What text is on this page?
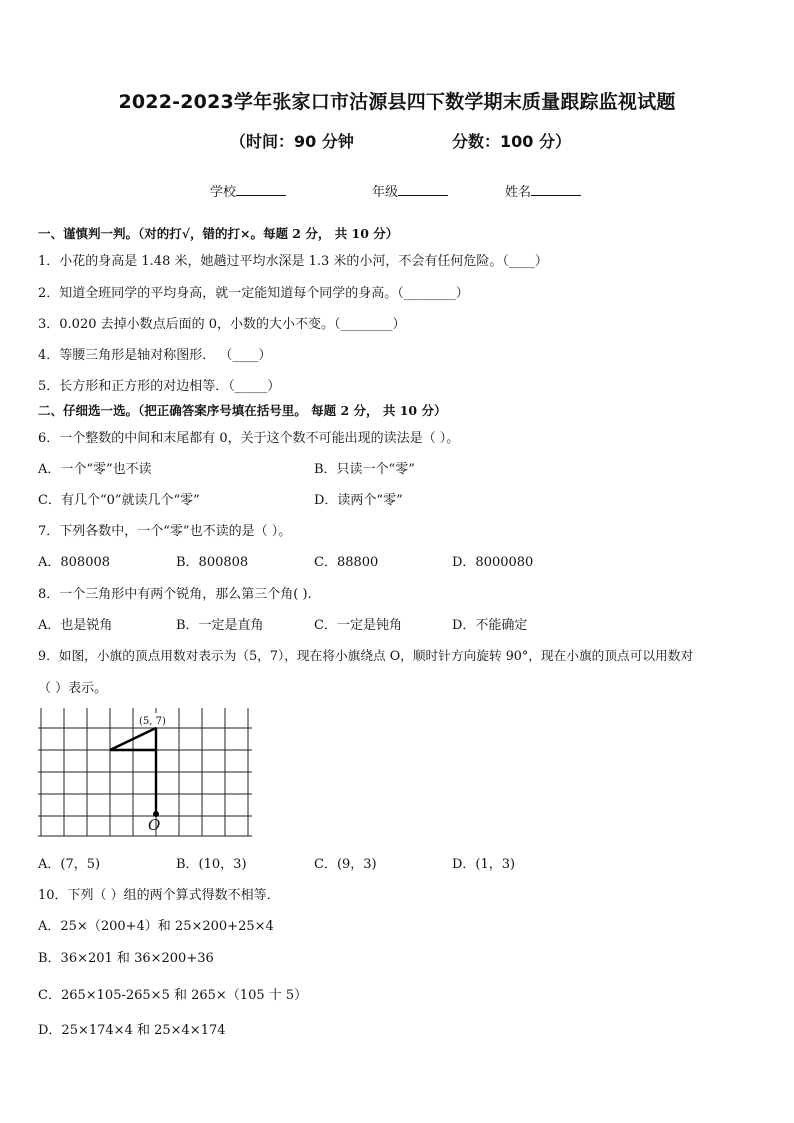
2022-2023学年张家口市沽源县四下数学期末质量跟踪监视试题
（时间：90 分钟	分数：100 分）
学校	年级	姓名
一、谨慎判一判。（对的打√，错的打×。每题 2 分， 共 10 分）
1．小花的身高是 1.48 米，她趟过平均水深是 1.3 米的小河，不会有任何危险。（____）
2．知道全班同学的平均身高，就一定能知道每个同学的身高。（________）
3．0.020 去掉小数点后面的 0，小数的大小不变。（________）
4．等腰三角形是轴对称图形． （____）
5．长方形和正方形的对边相等．（_____）
二、仔细选一选。（把正确答案序号填在括号里。 每题 2 分， 共 10 分）
6．一个整数的中间和末尾都有 0，关于这个数不可能出现的读法是（ ）。
A．一个“零”也不读	B．只读一个“零”
C．有几个“0”就读几个“零”	D．读两个“零”
7．下列各数中，一个“零”也不读的是（ ）。
A．808008	B．800808	C．88800	D．8000080
8．一个三角形中有两个锐角，那么第三个角( ).
A．也是锐角	B．一定是直角	C．一定是钝角	D．不能确定
9．如图，小旗的顶点用数对表示为（5，7），现在将小旗绕点 O，顺时针方向旋转 90°，现在小旗的顶点可以用数对
（ ）表示。
(5, 7)
O
A．(7，5)	B．(10，3)	C．(9，3)	D．(1，3)
10．下列（ ）组的两个算式得数不相等．
A．25×（200+4）和 25×200+25×4
B．36×201 和 36×200+36
C．265×105-265×5 和 265×（105 十 5）
D．25×174×4 和 25×4×174
